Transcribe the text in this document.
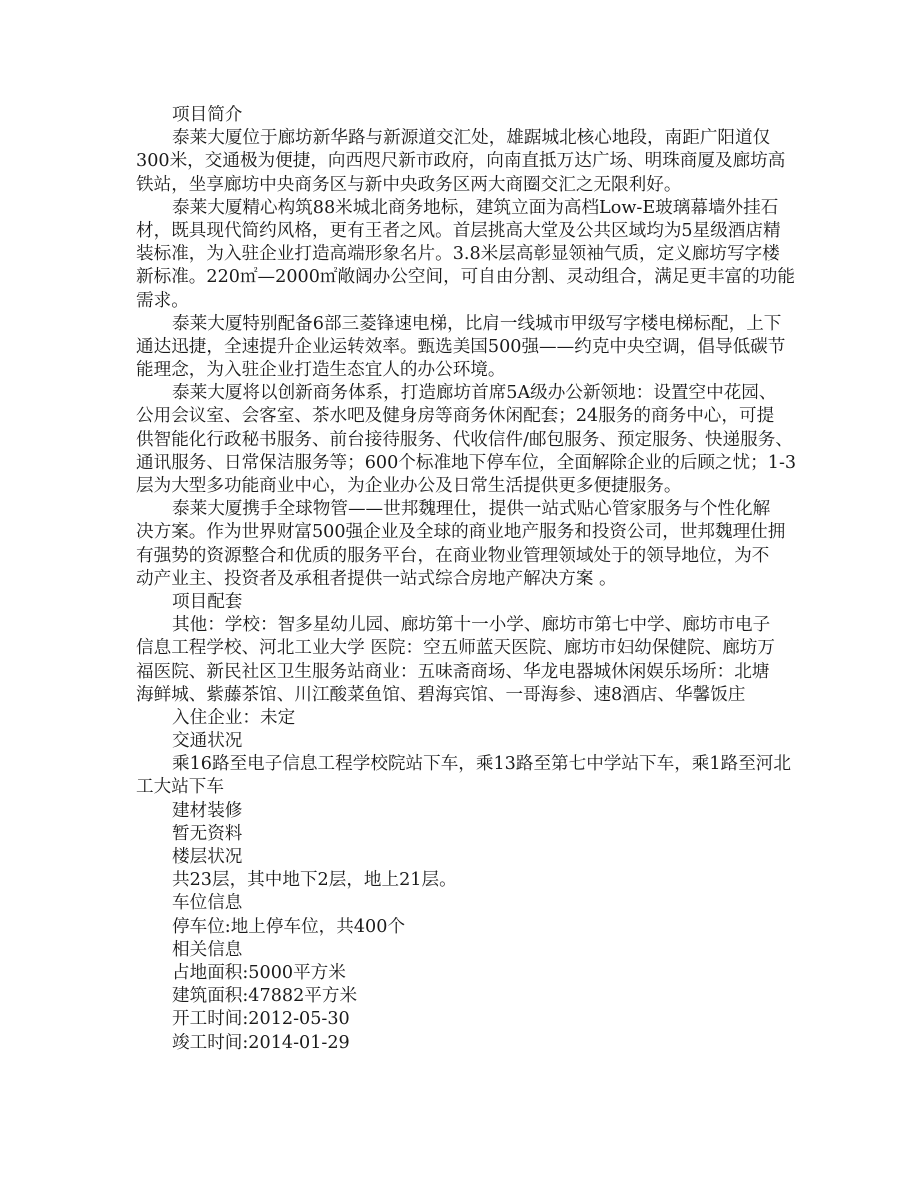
项目简介
泰莱大厦位于廊坊新华路与新源道交汇处，雄踞城北核心地段，南距广阳道仅
300米，交通极为便捷，向西咫尺新市政府，向南直抵万达广场、明珠商厦及廊坊高
铁站，坐享廊坊中央商务区与新中央政务区两大商圈交汇之无限利好。
泰莱大厦精心构筑88米城北商务地标，建筑立面为高档Low-E玻璃幕墙外挂石
材，既具现代简约风格，更有王者之风。首层挑高大堂及公共区域均为5星级酒店精
装标准，为入驻企业打造高端形象名片。3.8米层高彰显领袖气质，定义廊坊写字楼
新标准。220㎡—2000㎡敞阔办公空间，可自由分割、灵动组合，满足更丰富的功能
需求。
泰莱大厦特别配备6部三菱锋速电梯，比肩一线城市甲级写字楼电梯标配，上下
通达迅捷，全速提升企业运转效率。甄选美国500强——约克中央空调，倡导低碳节
能理念，为入驻企业打造生态宜人的办公环境。
泰莱大厦将以创新商务体系，打造廊坊首席5A级办公新领地：设置空中花园、
公用会议室、会客室、茶水吧及健身房等商务休闲配套；24服务的商务中心，可提
供智能化行政秘书服务、前台接待服务、代收信件/邮包服务、预定服务、快递服务、
通讯服务、日常保洁服务等；600个标准地下停车位，全面解除企业的后顾之忧；1-3
层为大型多功能商业中心，为企业办公及日常生活提供更多便捷服务。
泰莱大厦携手全球物管——世邦魏理仕，提供一站式贴心管家服务与个性化解
决方案。作为世界财富500强企业及全球的商业地产服务和投资公司，世邦魏理仕拥
有强势的资源整合和优质的服务平台，在商业物业管理领域处于的领导地位，为不
动产业主、投资者及承租者提供一站式综合房地产解决方案 。
项目配套
其他：学校：智多星幼儿园、廊坊第十一小学、廊坊市第七中学、廊坊市电子
信息工程学校、河北工业大学 医院：空五师蓝天医院、廊坊市妇幼保健院、廊坊万
福医院、新民社区卫生服务站商业：五味斋商场、华龙电器城休闲娱乐场所：北塘
海鲜城、紫藤茶馆、川江酸菜鱼馆、碧海宾馆、一哥海参、速8酒店、华馨饭庄
入住企业：未定
交通状况
乘16路至电子信息工程学校院站下车，乘13路至第七中学站下车，乘1路至河北
工大站下车
建材装修
暂无资料
楼层状况
共23层，其中地下2层，地上21层。
车位信息
停车位:地上停车位，共400个
相关信息
占地面积:5000平方米
建筑面积:47882平方米
开工时间:2012-05-30
竣工时间:2014-01-29
